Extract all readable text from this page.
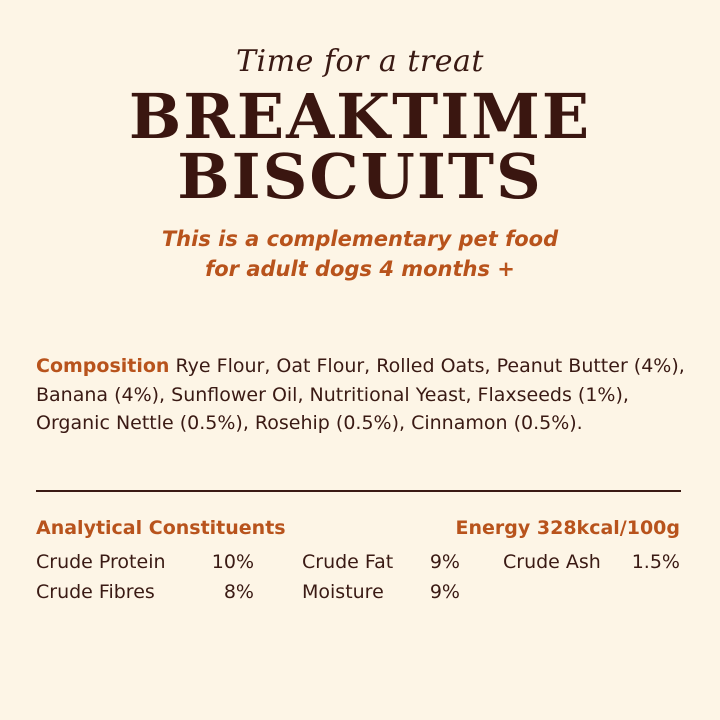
Time for a treat
BREAKTIME
BISCUITS
This is a complementary pet food
for adult dogs 4 months +
Composition Rye Flour, Oat Flour, Rolled Oats, Peanut Butter (4%), Banana (4%), Sunflower Oil, Nutritional Yeast, Flaxseeds (1%), Organic Nettle (0.5%), Rosehip (0.5%), Cinnamon (0.5%).
Analytical Constituents	Energy 328kcal/100g
Crude Protein	10%	Crude Fat	9% Crude Ash 1.5%
Crude Fibres	8%	Moisture	9%
